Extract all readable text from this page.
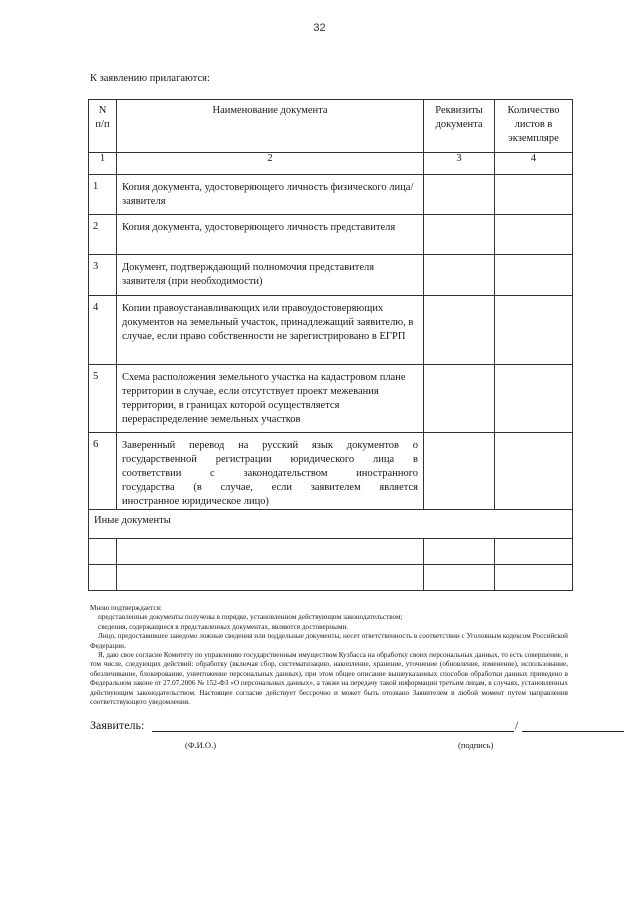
32
К заявлению прилагаются:
N
п/п	Наименование документа	Реквизиты документа	Количество листов в экземпляре
1	2	3	4
1	Копия документа, удостоверяющего личность физического лица/заявителя		
2	Копия документа, удостоверяющего личность представителя		
3	Документ, подтверждающий полномочия представителя заявителя (при необходимости)		
4	Копии правоустанавливающих или правоудостоверяющих документов на земельный участок, принадлежащий заявителю, в случае, если право собственности не зарегистрировано в ЕГРП		
5	Схема расположения земельного участка на кадастровом плане территории в случае, если отсутствует проект межевания территории, в границах которой осуществляется перераспределение земельных участков		
6	Заверенный перевод на русский язык документов о
государственной регистрации юридического лица в
соответствии с законодательством иностранного
государства (в случае, если заявителем является
иностранное юридическое лицо)		

Иные документы			

Мною подтверждается:

представленные документы получены в порядке, установленном действующим законодательством;

сведения, содержащиеся в представленных документах, являются достоверными.

Лицо, предоставившее заведомо ложные сведения или поддельные документы, несет ответственность в соответствии с Уголовным кодексом Российской Федерации.

Я, даю свое согласие Комитету по управлению государственным имуществом Кузбасса на обработку своих персональных данных, то есть совершение, в том числе, следующих действий: обработку (включая сбор, систематизацию, накопление, хранение, уточнение (обновление, изменение), использование, обезличивание, блокирование, уничтожение персональных данных), при этом общее описание вышеуказанных способов обработки данных приведено в Федеральном законе от 27.07.2006 № 152-ФЗ «О персональных данных», а также на передачу такой информации третьим лицам, в случаях, установленных действующим законодательством. Настоящее согласие действует бессрочно и может быть отозвано Заявителем в любой момент путем направления соответствующего уведомления.

Заявитель:	/
(Ф.И.О.)	(подпись)
